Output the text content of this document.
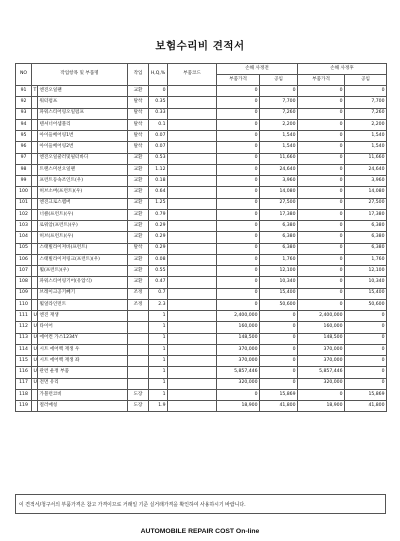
보험수리비 견적서
NO	작업항목 및 부품명		작업	H,Q,%	부품코드	손해 사정전		손해 사정후	
						부품가격	공임	부품가격	공임
91	T	엔진오일팬	교환	0		0	0	0	0
92		워터펌프	탈착	0.35		0	7,700	0	7,700
93		파워스티어링오일펌프	탈착	0.33		0	7,260	0	7,260
94		텐셔너어셈블리	탈착	0.1		0	2,200	0	2,200
95		아이들베어링1번	탈착	0.07		0	1,540	0	1,540
96		아이들베어링2번	탈착	0.07		0	1,540	0	1,540
97		엔진오일쿨러및필터바디	교환	0.53		0	11,660	0	11,660
98		트랜스미션오일팬	교환	1.12		0	24,640	0	24,640
99		프런트등속조인트(우)	교환	0.18		0	3,960	0	3,960
100		허브소버(프런트)(우)	교환	0.64		0	14,080	0	14,080
101		엔진크로스멤버	교환	1.25		0	27,500	0	27,500
102		너클(프런트)(우)	교환	0.79		0	17,380	0	17,380
103		로워암(프런트)(우)	교환	0.29		0	6,380	0	6,380
104		허브(프런트)(우)	교환	0.29		0	6,380	0	6,380
105		스태빌라이저바(프런트)	탈착	0.29		0	6,380	0	6,380
106		스태빌라이저링크(프런트)(우)	교환	0.08		0	1,760	0	1,760
107		휠(프런트)(우)	교환	0.55		0	12,100	0	12,100
108		파워스티어링기어(유압식)	교환	0.47		0	10,340	0	10,340
109		브레이크공기빼기	조정	0.7		0	15,400	0	15,400
110		휠얼라인먼트	조정	2.3		0	50,600	0	50,600
111	U	엔진 재생		1		2,400,000	0	2,400,000	0
112	U	타이어		1		160,000	0	160,000	0
113	U	에어컨 가스1234Y		1		148,500	0	148,500	0
114	U	시트 에어백 재생 우		1		370,000	0	370,000	0
115	U	시트 에어백 재생 좌		1		370,000	0	370,000	0
116	U	관련 운정 부품		1		5,857,446	0	5,857,446	0
117	U	전면 유리		1		320,000	0	320,000	0
118		가블런코비	도장	1		0	15,869	0	15,869
119		컬러매칭	도장	1.9		18,900	41,800	18,900	41,800
이 견적서/청구서의 부품가격은 참고 가격이므로 거래일 기준 실거래가격을 확인하여 사용하시기 바랍니다.
AUTOMOBILE REPAIR COST On-line
